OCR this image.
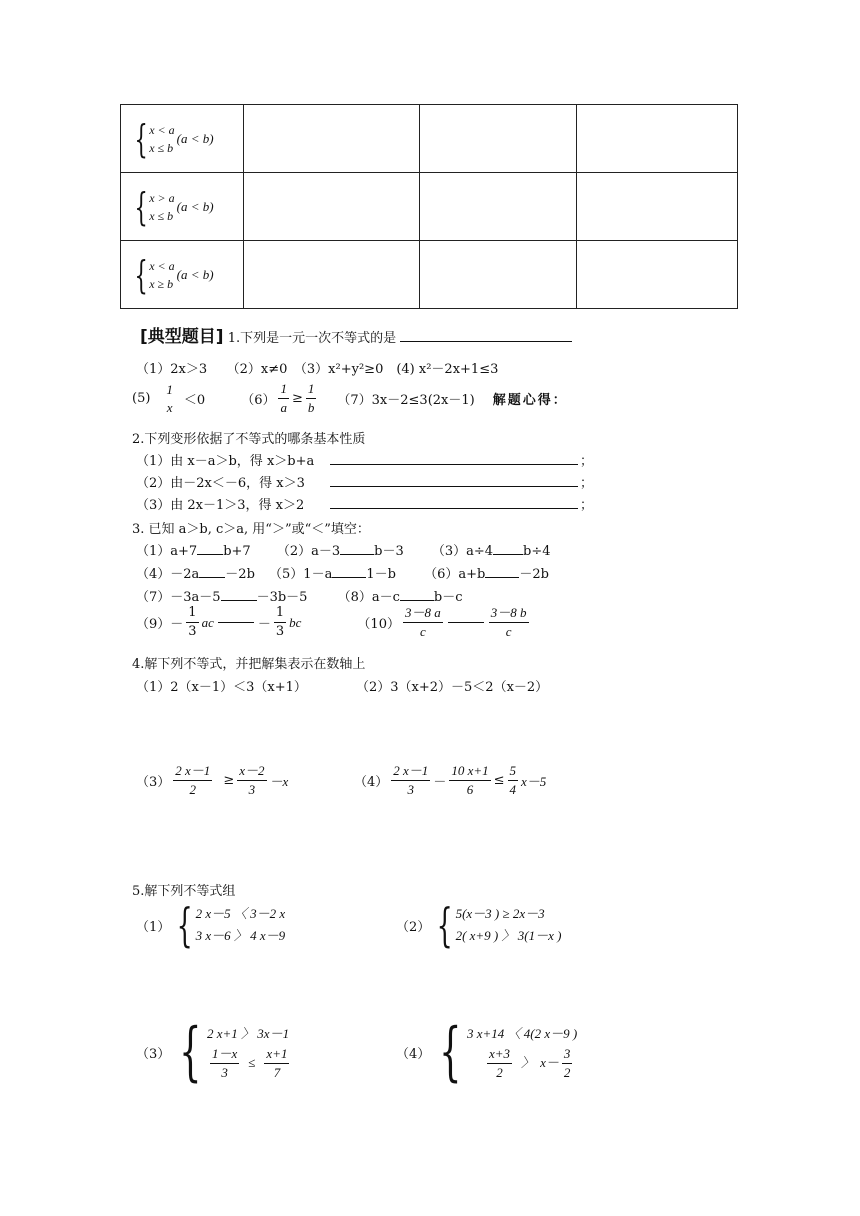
{ x < a
x ≤ b
(a < b)			

{ x > a
x ≤ b
(a < b)			

{ x < a
x ≥ b
(a < b)			

[典型题目] 1.下列是一元一次不等式的是
（1）2x＞3　　（2）x≠0　（3）x²+y²≥0　(4) x²－2x+1≤3
(5)
1
x ＜0	$(6) \frac{1}{a} \ge \frac{1}{b} (7)3x-2\le 3(2x-1)$ 解题心得：
2.下列变形依据了不等式的哪条基本性质
（1）由 x－a＞b，得 x＞b+a	；
（2）由－2x＜－6，得 x＞3	；
（3）由 2x－1＞3，得 x＞2	；
3. 已知 a＞b, c＞a, 用“＞”或“＜”填空：
（1）a+7 b+7 （2）a－3	b－3 （3）a÷4 b÷4
（4）－2a －2b （5）1－a	1－b （6）a+b	－2b
（7）－3a－5	－3b－5 （8）a－c	b－c
$(9)- \frac{1}{3}$ ac	－ $\frac{1}{3}$ bc	$(10) \frac{3-8 a}{c}$	$\frac{3-8 b}{c}$
4.解下列不等式，并把解集表示在数轴上
（1）2（x－1）＜3（x+1）	（2）3（x+2）－5＜2（x－2）
$(3) \frac{2 x-1}{2} \ge \frac{x-2}{3} -x$	$(4) \frac{2 x-1}{3} - \frac{10 x+1}{6} \le \frac{5}{4} x-5$
5.解下列不等式组
（1） { 2 x－5 〈 3－2 x
3 x－6 〉 4 x－9
（2） { 5(x－3 ) ≥ 2x－3
2( x+9 ) 〉 3(1－x )
（3） { 2 x+1 〉 3x－1
$\frac{1-x}{3} \le \frac{x+1}{7}$	（4） { 3 x+14 〈 4(2 x－9 )
$\frac{x+3}{2}$ 〉 $x- \frac{3}{2}$
